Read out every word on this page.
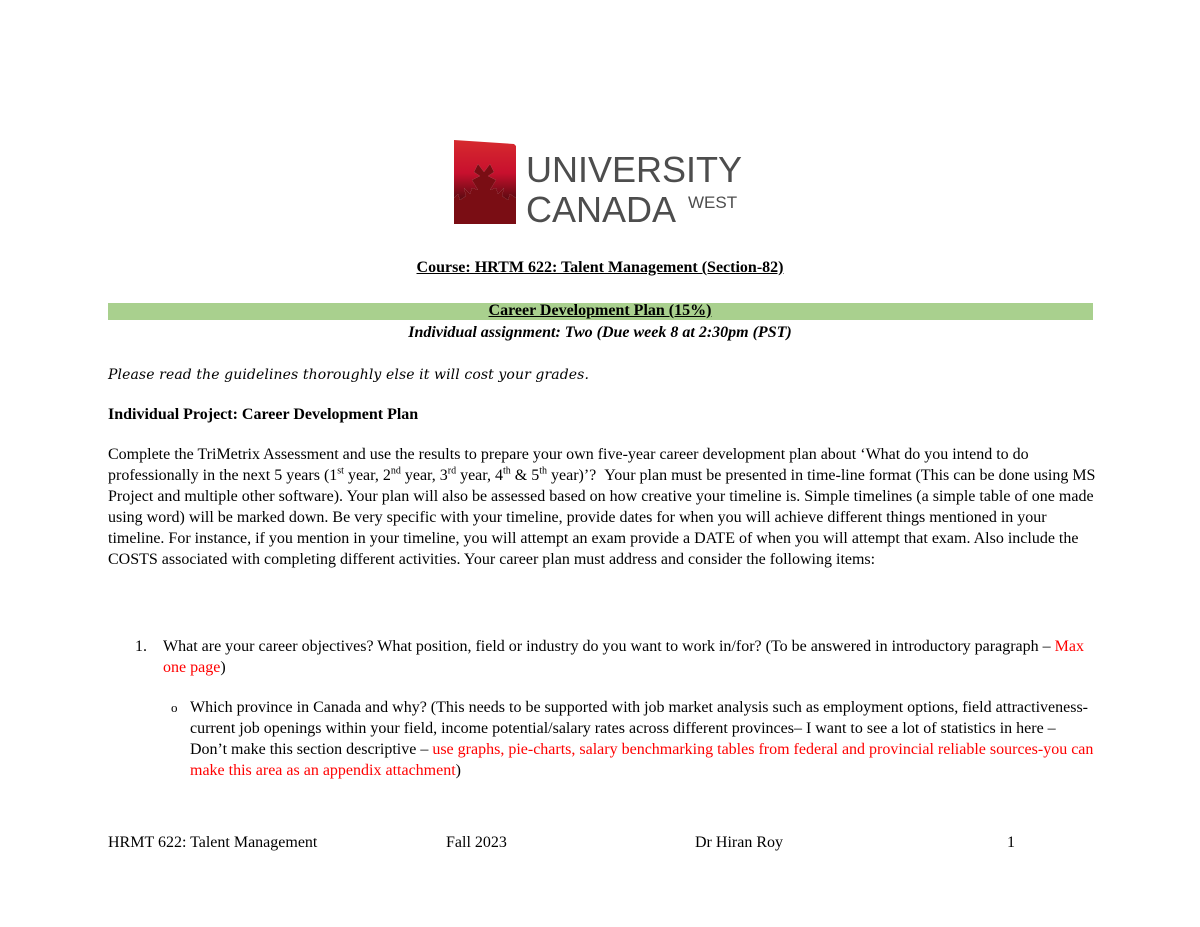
UNIVERSITY
CANADA WEST
Course: HRTM 622: Talent Management (Section-82)
Career Development Plan (15%)
Individual assignment: Two (Due week 8 at 2:30pm (PST)
Please read the guidelines thoroughly else it will cost your grades.
Individual Project: Career Development Plan
Complete the TriMetrix Assessment and use the results to prepare your own five-year career development plan about ‘What do you intend to do professionally in the next 5 years (1st year, 2nd year, 3rd year, 4th & 5th year)’?  Your plan must be presented in time-line format (This can be done using MS Project and multiple other software). Your plan will also be assessed based on how creative your timeline is. Simple timelines (a simple table of one made using word) will be marked down. Be very specific with your timeline, provide dates for when you will achieve different things mentioned in your timeline. For instance, if you mention in your timeline, you will attempt an exam provide a DATE of when you will attempt that exam. Also include the COSTS associated with completing different activities. Your career plan must address and consider the following items:
1. What are your career objectives? What position, field or industry do you want to work in/for? (To be answered in introductory paragraph – Max one page)
o Which province in Canada and why? (This needs to be supported with job market analysis such as employment options, field attractiveness- current job openings within your field, income potential/salary rates across different provinces– I want to see a lot of statistics in here – Don’t make this section descriptive – use graphs, pie-charts, salary benchmarking tables from federal and provincial reliable sources-you can make this area as an appendix attachment)
HRMT 622: Talent Management	Fall 2023	Dr Hiran Roy	1
